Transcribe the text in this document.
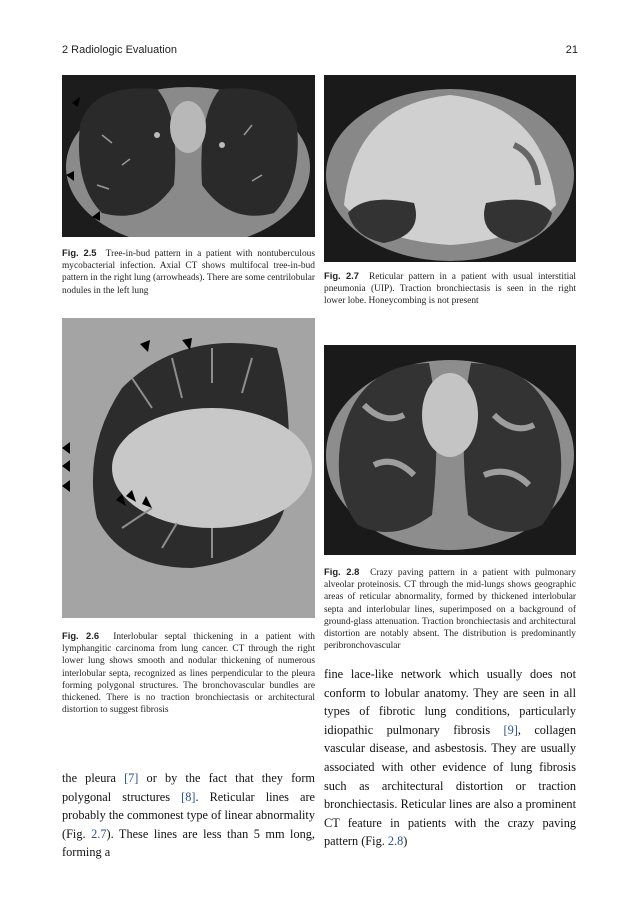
2 Radiologic Evaluation	21
Fig. 2.5 Tree-in-bud pattern in a patient with nontuberculous mycobacterial infection. Axial CT shows multifocal tree-in-bud pattern in the right lung (arrowheads). There are some centrilobular nodules in the left lung
Fig. 2.6 Interlobular septal thickening in a patient with lymphangitic carcinoma from lung cancer. CT through the right lower lung shows smooth and nodular thickening of numerous interlobular septa, recognized as lines perpendicular to the pleura forming polygonal structures. The bronchovascular bundles are thickened. There is no traction bronchiectasis or architectural distortion to suggest fibrosis
Fig. 2.7 Reticular pattern in a patient with usual interstitial pneumonia (UIP). Traction bronchiectasis is seen in the right lower lobe. Honeycombing is not present
Fig. 2.8 Crazy paving pattern in a patient with pulmonary alveolar proteinosis. CT through the mid-lungs shows geographic areas of reticular abnormality, formed by thickened interlobular septa and interlobular lines, superimposed on a background of ground-glass attenuation. Traction bronchiectasis and architectural distortion are notably absent. The distribution is predominantly peribronchovascular

the pleura [7] or by the fact that they form polygonal structures [8]. Reticular lines are probably the commonest type of linear abnormality (Fig. 2.7). These lines are less than 5 mm long, forming a

fine lace-like network which usually does not conform to lobular anatomy. They are seen in all types of fibrotic lung conditions, particularly idiopathic pulmonary fibrosis [9], collagen vascular disease, and asbestosis. They are usually associated with other evidence of lung fibrosis such as architectural distortion or traction bronchiectasis. Reticular lines are also a prominent CT feature in patients with the crazy paving pattern (Fig. 2.8)
